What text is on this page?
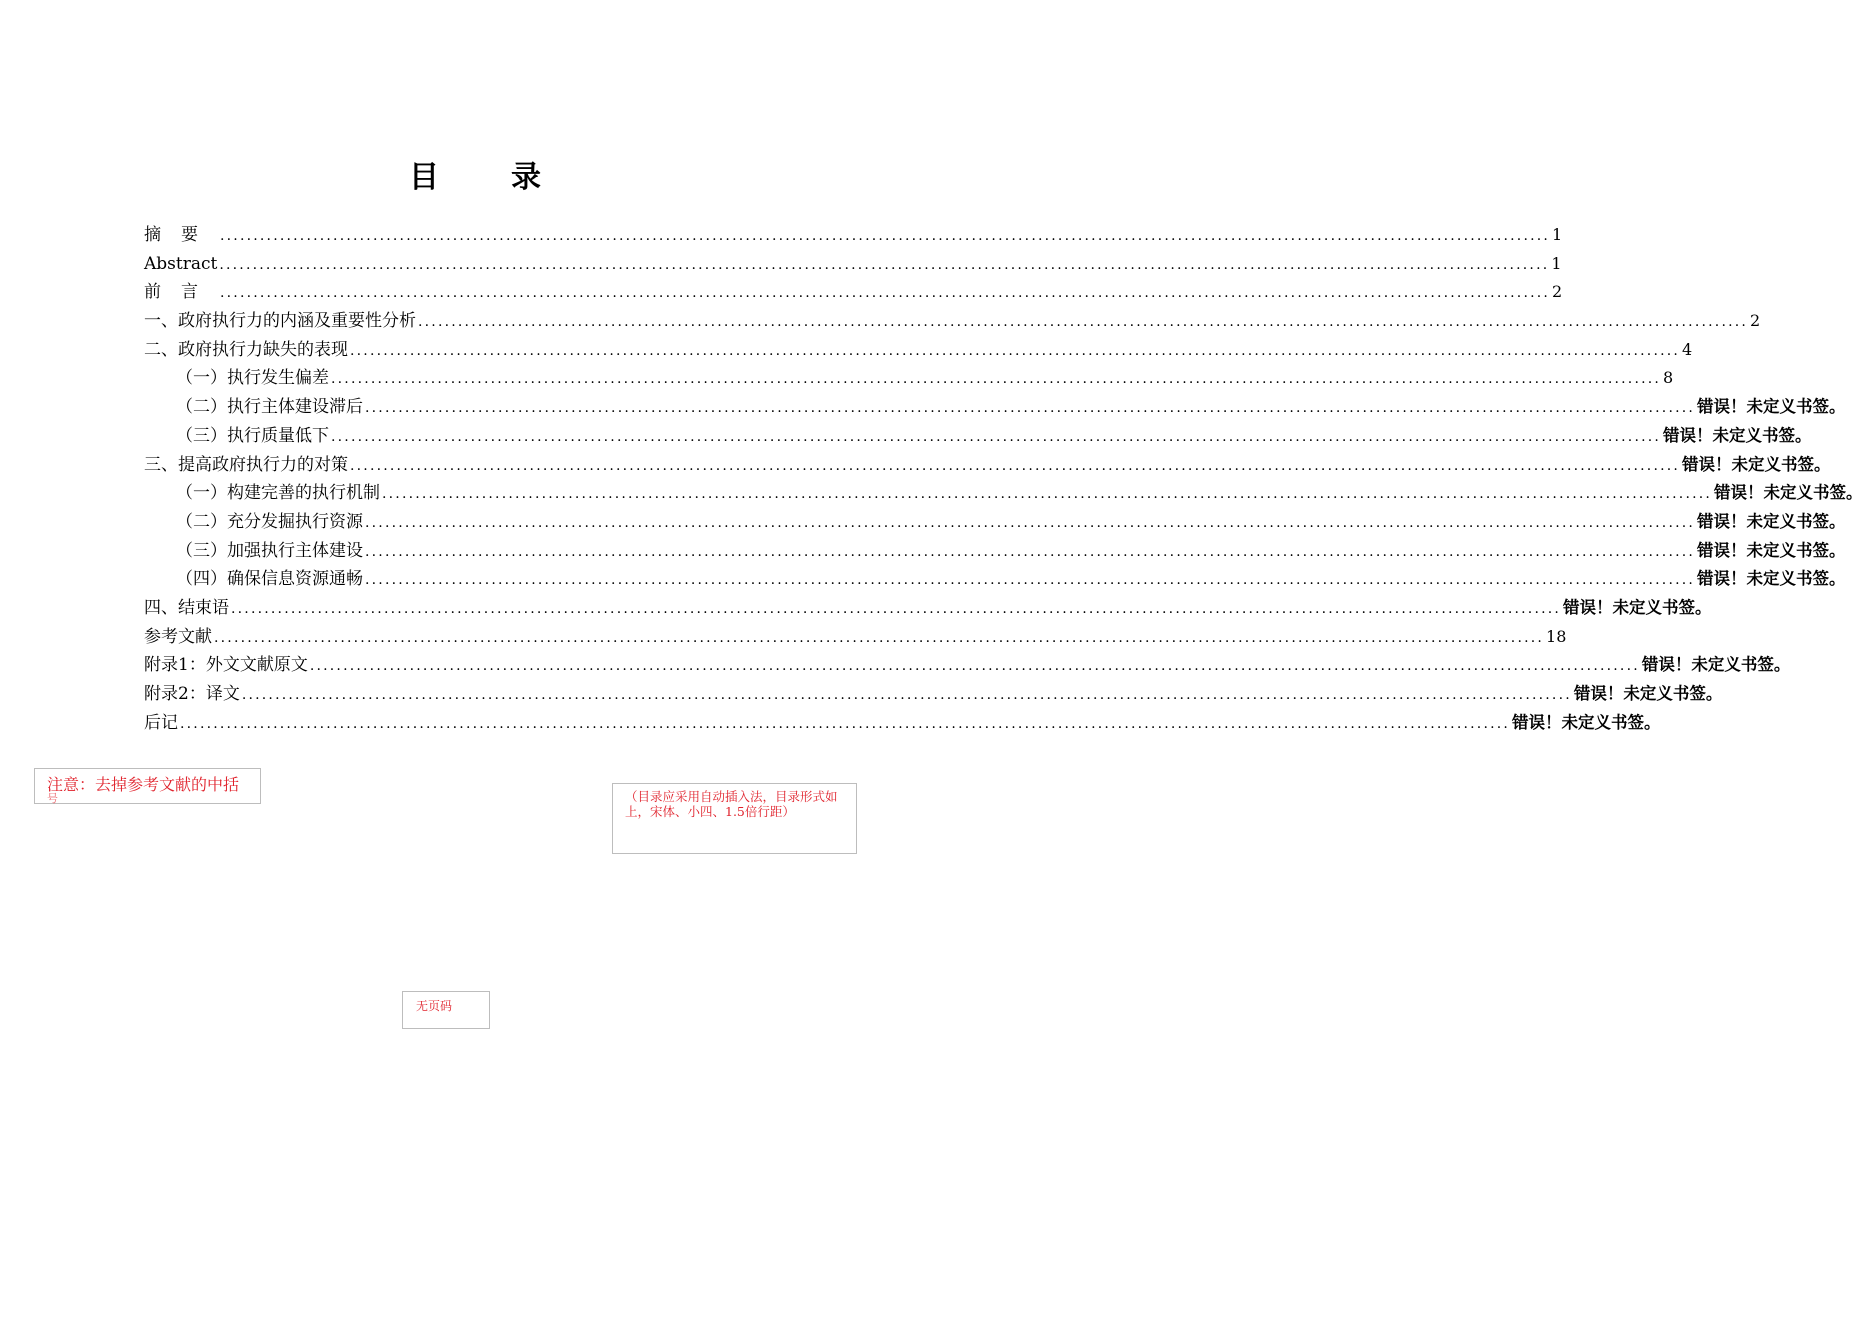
目录
摘要 ........................................................................................................................................................................................................ 1
Abstract ........................................................................................................................................................................................................ 1
前言 ........................................................................................................................................................................................................ 2
一、政府执行力的内涵及重要性分析 ........................................................................................................................................................................................................ 2
二、政府执行力缺失的表现 ........................................................................................................................................................................................................ 4
（一）执行发生偏差 ........................................................................................................................................................................................................ 8
（二）执行主体建设滞后 ........................................................................................................................................................................................................ 错误！未定义书签。
（三）执行质量低下 ........................................................................................................................................................................................................ 错误！未定义书签。
三、提高政府执行力的对策 ........................................................................................................................................................................................................ 错误！未定义书签。
（一）构建完善的执行机制 ........................................................................................................................................................................................................ 错误！未定义书签。
（二）充分发掘执行资源 ........................................................................................................................................................................................................ 错误！未定义书签。
（三）加强执行主体建设 ........................................................................................................................................................................................................ 错误！未定义书签。
（四）确保信息资源通畅 ........................................................................................................................................................................................................ 错误！未定义书签。
四、结束语 ........................................................................................................................................................................................................ 错误！未定义书签。
参考文献 ........................................................................................................................................................................................................ 18
附录1：外文文献原文 ........................................................................................................................................................................................................ 错误！未定义书签。
附录2：译文 ........................................................................................................................................................................................................ 错误！未定义书签。
后记 ........................................................................................................................................................................................................ 错误！未定义书签。
注意：去掉参考文献的中括
号	（目录应采用自动插入法，目录形式如上，宋体、小四、1.5倍行距）
无页码
